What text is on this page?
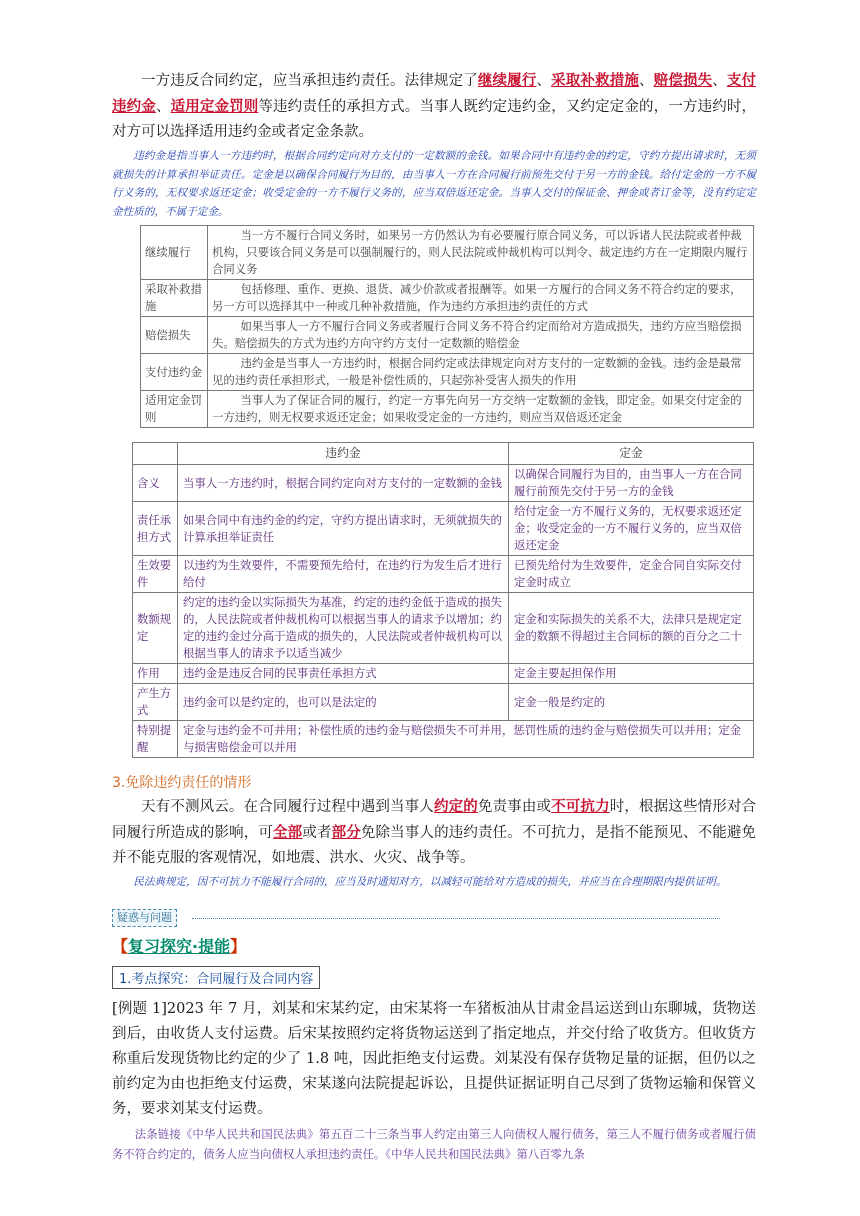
一方违反合同约定，应当承担违约责任。法律规定了继续履行、采取补救措施、赔偿损失、支付违约金、适用定金罚则等违约责任的承担方式。当事人既约定违约金，又约定定金的，一方违约时，对方可以选择适用违约金或者定金条款。

违约金是指当事人一方违约时，根据合同约定向对方支付的一定数额的金钱。如果合同中有违约金的约定，守约方提出请求时，无须就损失的计算承担举证责任。定金是以确保合同履行为目的，由当事人一方在合同履行前预先交付于另一方的金钱。给付定金的一方不履行义务的，无权要求返还定金；收受定金的一方不履行义务的，应当双倍返还定金。当事人交付的保证金、押金或者订金等，没有约定定金性质的，不属于定金。

继续履行	当一方不履行合同义务时，如果另一方仍然认为有必要履行原合同义务，可以诉诸人民法院或者仲裁机构，只要该合同义务是可以强制履行的，则人民法院或仲裁机构可以判令、裁定违约方在一定期限内履行合同义务
采取补救措施	包括修理、重作、更换、退货、减少价款或者报酬等。如果一方履行的合同义务不符合约定的要求，另一方可以选择其中一种或几种补救措施，作为违约方承担违约责任的方式
赔偿损失	如果当事人一方不履行合同义务或者履行合同义务不符合约定而给对方造成损失，违约方应当赔偿损失。赔偿损失的方式为违约方向守约方支付一定数额的赔偿金
支付违约金	违约金是当事人一方违约时，根据合同约定或法律规定向对方支付的一定数额的金钱。违约金是最常见的违约责任承担形式，一般是补偿性质的，只起弥补受害人损失的作用
适用定金罚则	当事人为了保证合同的履行，约定一方事先向另一方交纳一定数额的金钱，即定金。如果交付定金的一方违约，则无权要求返还定金；如果收受定金的一方违约，则应当双倍返还定金
	违约金	定金
含义	当事人一方违约时，根据合同约定向对方支付的一定数额的金钱	以确保合同履行为目的，由当事人一方在合同履行前预先交付于另一方的金钱
责任承担方式	如果合同中有违约金的约定，守约方提出请求时，无须就损失的计算承担举证责任	给付定金一方不履行义务的，无权要求返还定金；收受定金的一方不履行义务的，应当双倍返还定金
生效要件	以违约为生效要件，不需要预先给付，在违约行为发生后才进行给付	已预先给付为生效要件，定金合同自实际交付定金时成立
数额规定	约定的违约金以实际损失为基准，约定的违约金低于造成的损失的，人民法院或者仲裁机构可以根据当事人的请求予以增加；约定的违约金过分高于造成的损失的，人民法院或者仲裁机构可以根据当事人的请求予以适当减少	定金和实际损失的关系不大，法律只是规定定金的数额不得超过主合同标的额的百分之二十
作用	违约金是违反合同的民事责任承担方式	定金主要起担保作用
产生方式	违约金可以是约定的，也可以是法定的	定金一般是约定的
特别提醒	定金与违约金不可并用；补偿性质的违约金与赔偿损失不可并用，惩罚性质的违约金与赔偿损失可以并用；定金与损害赔偿金可以并用	

3.免除违约责任的情形

天有不测风云。在合同履行过程中遇到当事人约定的免责事由或不可抗力时，根据这些情形对合同履行所造成的影响，可全部或者部分免除当事人的违约责任。不可抗力，是指不能预见、不能避免并不能克服的客观情况，如地震、洪水、火灾、战争等。

民法典规定，因不可抗力不能履行合同的，应当及时通知对方，以减轻可能给对方造成的损失，并应当在合理期限内提供证明。

疑惑与问题

【复习探究·提能】

1.考点探究：合同履行及合同内容

[例题 1]2023 年 7 月，刘某和宋某约定，由宋某将一车猪板油从甘肃金昌运送到山东聊城，货物送到后，由收货人支付运费。后宋某按照约定将货物运送到了指定地点，并交付给了收货方。但收货方称重后发现货物比约定的少了 1.8 吨，因此拒绝支付运费。刘某没有保存货物足量的证据，但仍以之前约定为由也拒绝支付运费，宋某遂向法院提起诉讼，且提供证据证明自己尽到了货物运输和保管义务，要求刘某支付运费。

法条链接《中华人民共和国民法典》第五百二十三条当事人约定由第三人向债权人履行债务，第三人不履行债务或者履行债务不符合约定的，债务人应当向债权人承担违约责任。《中华人民共和国民法典》第八百零九条
